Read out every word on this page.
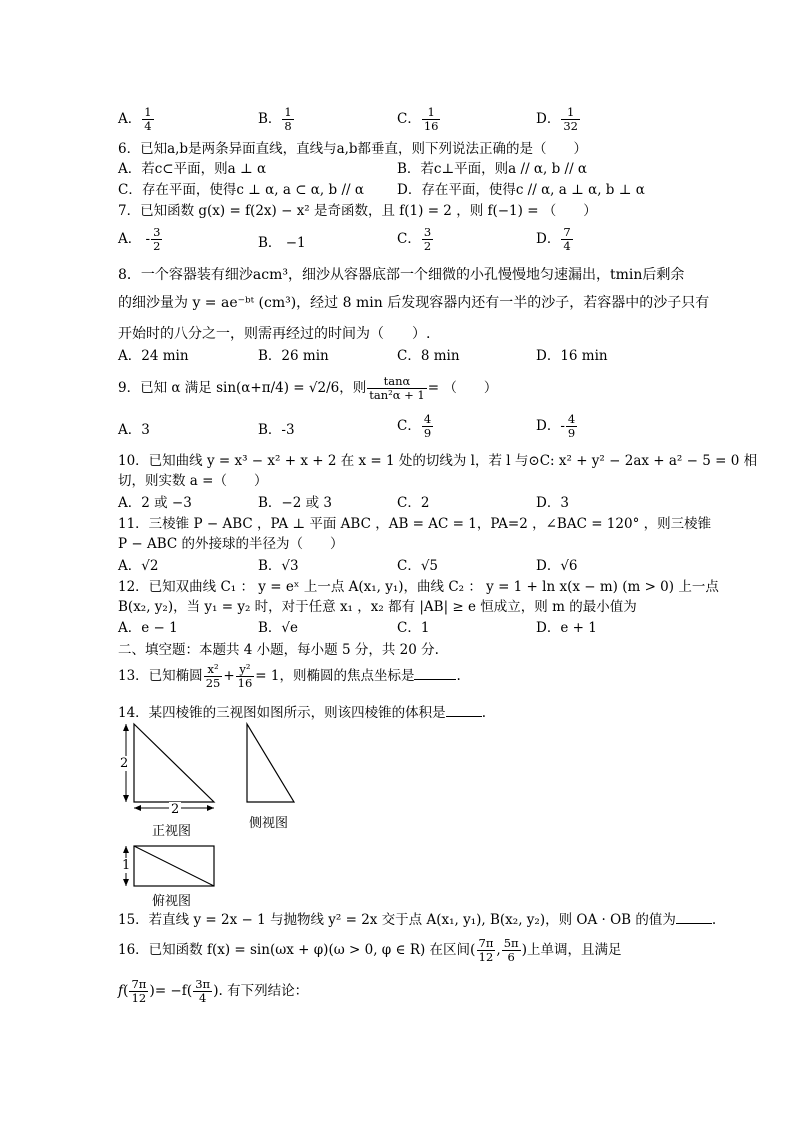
A． $\frac{1}{4}$	B． $\frac{1}{8}$	C． $\frac{1}{16}$	D． $\frac{1}{32}$
6．已知a,b是两条异面直线，直线与a,b都垂直，则下列说法正确的是（　　）
A．若c⊂平面，则a ⊥ α	B．若c⊥平面，则a // α, b // α
C．存在平面，使得c ⊥ α, a ⊂ α, b // α D．存在平面，使得c // α, a ⊥ α, b ⊥ α
7．已知函数 g(x) = f(2x) − x² 是奇函数，且 f(1) = 2 ，则 f(−1) = （　　）
A． - $\frac{3}{2}$	B． −1	C． $\frac{3}{2}$	D． $\frac{7}{4}$
8．一个容器装有细沙acm³，细沙从容器底部一个细微的小孔慢慢地匀速漏出，tmin后剩余
的细沙量为 y = ae⁻ᵇᵗ (cm³)，经过 8 min 后发现容器内还有一半的沙子，若容器中的沙子只有
开始时的八分之一，则需再经过的时间为（　　）.
A．24 min	B．26 min	C．8 min	D．16 min
9．已知 α 满足 sin(α+π/4) = √2/6，则 $\frac{\tan\alpha}{\text{tan²α + 1}}$ = （　　）
A．3	B．-3	C． $\frac{4}{9}$	D．- $\frac{4}{9}$
10．已知曲线 y = x³ − x² + x + 2 在 x = 1 处的切线为 l，若 l 与⊙C: x² + y² − 2ax + a² − 5 = 0 相
切，则实数 a =（　　）
A．2 或 −3	B．−2 或 3	C．2	D．3
11．三棱锥 P − ABC ，PA ⊥ 平面 ABC ，AB = AC = 1，PA=2 ，∠BAC = 120° ，则三棱锥
P − ABC 的外接球的半径为（　　）
A．√2	B．√3	C．√5	D．√6
12．已知双曲线 C₁ ： y = eˣ 上一点 A(x₁, y₁)，曲线 C₂ ： y = 1 + ln x(x − m) (m > 0) 上一点
B(x₂, y₂)，当 y₁ = y₂ 时，对于任意 x₁ ，x₂ 都有 |AB| ≥ e 恒成立，则 m 的最小值为
A．e − 1	B．√e	C．1	D．e + 1
二、填空题：本题共 4 小题，每小题 5 分，共 20 分.
13．已知椭圆 $\frac{\text{x²}}{25} + \frac{\text{y²}}{16} = 1$，则椭圆的焦点坐标是	.
14．某四棱锥的三视图如图所示，则该四棱锥的体积是	.
2
2
正视图
侧视图
1
俯视图
15．若直线 y = 2x − 1 与抛物线 y² = 2x 交于点 A(x₁, y₁), B(x₂, y₂)，则 OA · OB 的值为	.
16．已知函数 f(x) = sin(ωx + φ)(ω > 0, φ ∈ R) 在区间( $\frac{7\pi}{12}$ , $\frac{5\pi}{6}$ )上单调，且满足
$f( \frac{7\pi}{12}$ )= $-f( \frac{3\pi}{4}$ ). 有下列结论：
